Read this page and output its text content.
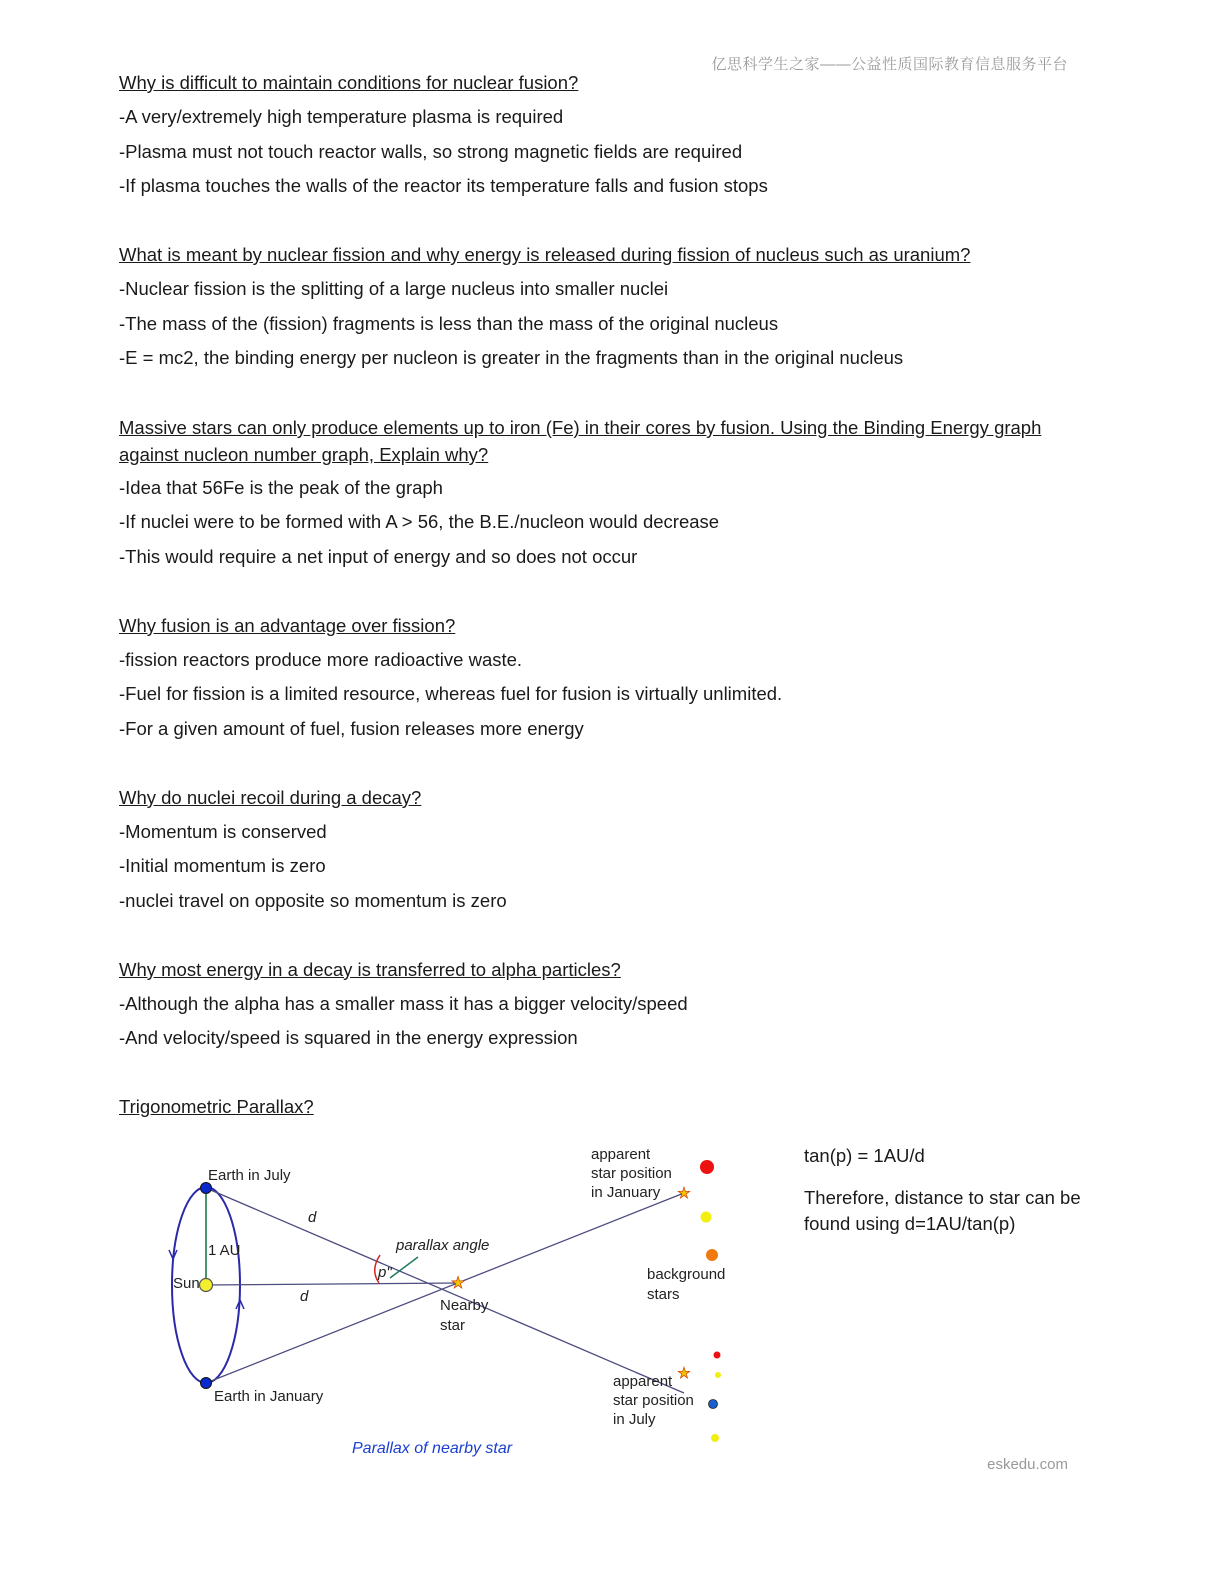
亿思科学生之家——公益性质国际教育信息服务平台

Why is difficult to maintain conditions for nuclear fusion?

-A very/extremely high temperature plasma is required

-Plasma must not touch reactor walls, so strong magnetic fields are required

-If plasma touches the walls of the reactor its temperature falls and fusion stops

What is meant by nuclear fission and why energy is released during fission of nucleus such as uranium?

-Nuclear fission is the splitting of a large nucleus into smaller nuclei

-The mass of the (fission) fragments is less than the mass of the original nucleus

-E = mc2, the binding energy per nucleon is greater in the fragments than in the original nucleus

Massive stars can only produce elements up to iron (Fe) in their cores by fusion. Using the Binding Energy graph against nucleon number graph, Explain why?

-Idea that 56Fe is the peak of the graph

-If nuclei were to be formed with A > 56, the B.E./nucleon would decrease

-This would require a net input of energy and so does not occur

Why fusion is an advantage over fission?

-fission reactors produce more radioactive waste.

-Fuel for fission is a limited resource, whereas fuel for fusion is virtually unlimited.

-For a given amount of fuel, fusion releases more energy

Why do nuclei recoil during a decay?

-Momentum is conserved

-Initial momentum is zero

-nuclei travel on opposite so momentum is zero

Why most energy in a decay is transferred to alpha particles?

-Although the alpha has a smaller mass it has a bigger velocity/speed

-And velocity/speed is squared in the energy expression

Trigonometric Parallax?

★
★
★
Earth in July
Earth in January
Sun
1 AU
d
d
parallax angle
p"
Nearby
star
apparent
star position
in January
background
stars
apparent
star position
in July
Parallax of nearby star

tan(p) = 1AU/d

Therefore, distance to star can be found using d=1AU/tan(p)

eskedu.com
